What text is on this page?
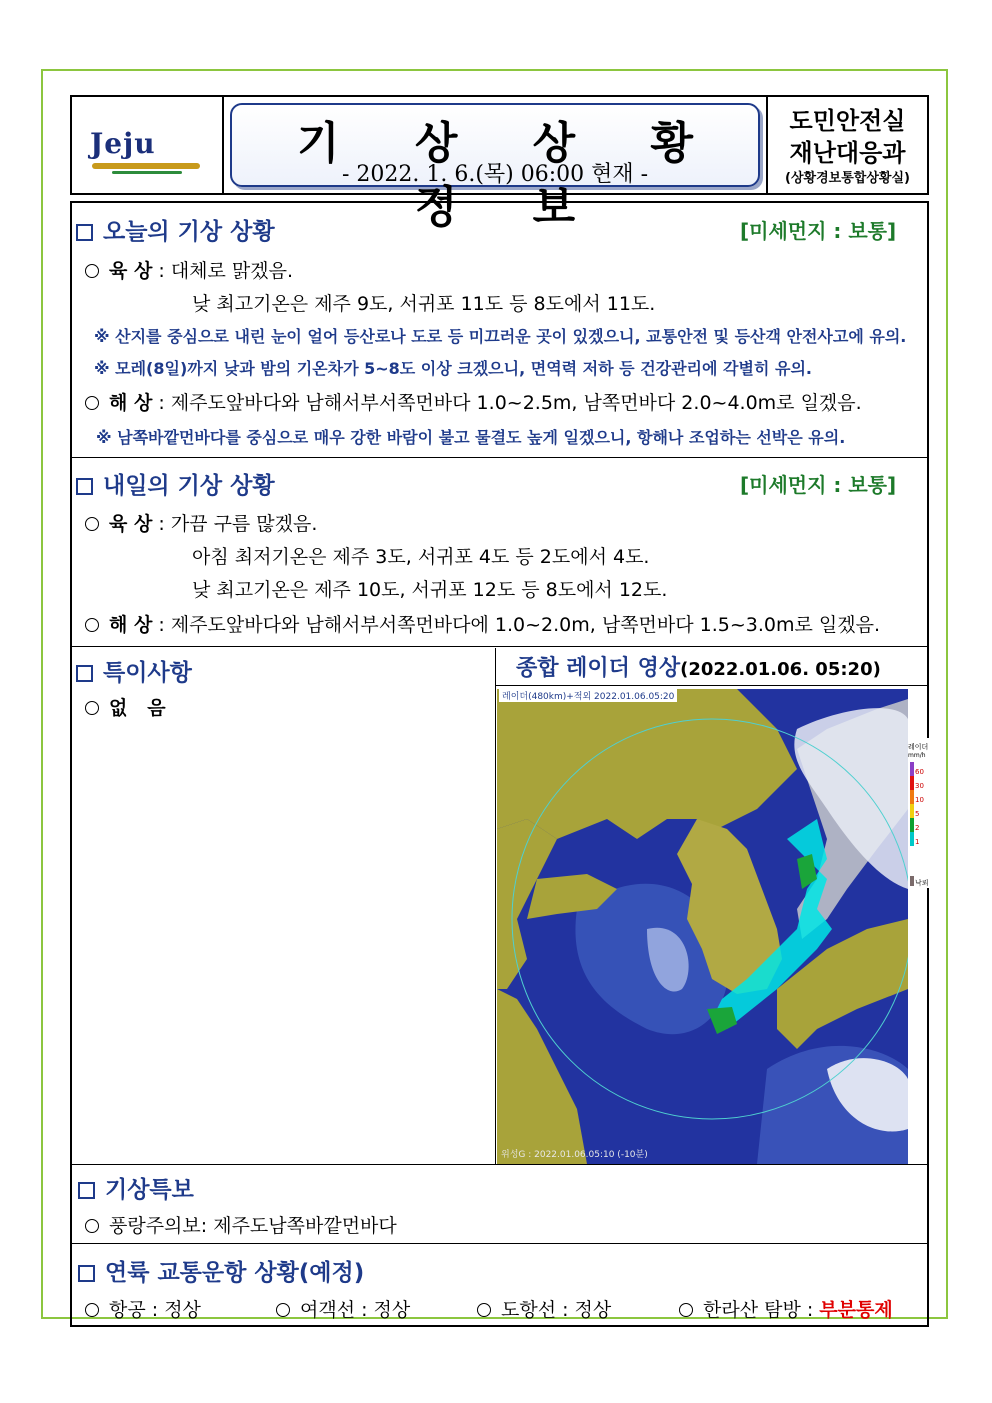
Jeju	기 상 상 황 정 보
- 2022. 1. 6.(목) 06:00 현재 -
도민안전실
재난대응과
(상황경보통합상황실)
오늘의 기상 상황	[미세먼지 : 보통]
육 상 : 대체로 맑겠음.
낮 최고기온은 제주 9도, 서귀포 11도 등 8도에서 11도.
※ 산지를 중심으로 내린 눈이 얼어 등산로나 도로 등 미끄러운 곳이 있겠으니, 교통안전 및 등산객 안전사고에 유의.
※ 모레(8일)까지 낮과 밤의 기온차가 5~8도 이상 크겠으니, 면역력 저하 등 건강관리에 각별히 유의.
해 상 : 제주도앞바다와 남해서부서쪽먼바다 1.0~2.5m, 남쪽먼바다 2.0~4.0m로 일겠음.
※ 남쪽바깥먼바다를 중심으로 매우 강한 바람이 불고 물결도 높게 일겠으니, 항해나 조업하는 선박은 유의.
내일의 기상 상황	[미세먼지 : 보통]
육 상 : 가끔 구름 많겠음.
아침 최저기온은 제주 3도, 서귀포 4도 등 2도에서 4도.
낮 최고기온은 제주 10도, 서귀포 12도 등 8도에서 12도.
해 상 : 제주도앞바다와 남해서부서쪽먼바다에 1.0~2.0m, 남쪽먼바다 1.5~3.0m로 일겠음.
특이사항
없   음
종합 레이더 영상(2022.01.06. 05:20)
레이더(480km)+적외 2022.01.06.05:20
위성G : 2022.01.06.05:10 (-10분)
레이더
mm/h
60
30
10
5
2
1
낙뢰
기상특보
풍랑주의보: 제주도남쪽바깥먼바다
연륙 교통운항 상황(예정)
항공 : 정상	여객선 : 정상	도항선 : 정상	한라산 탐방 : 부분통제
